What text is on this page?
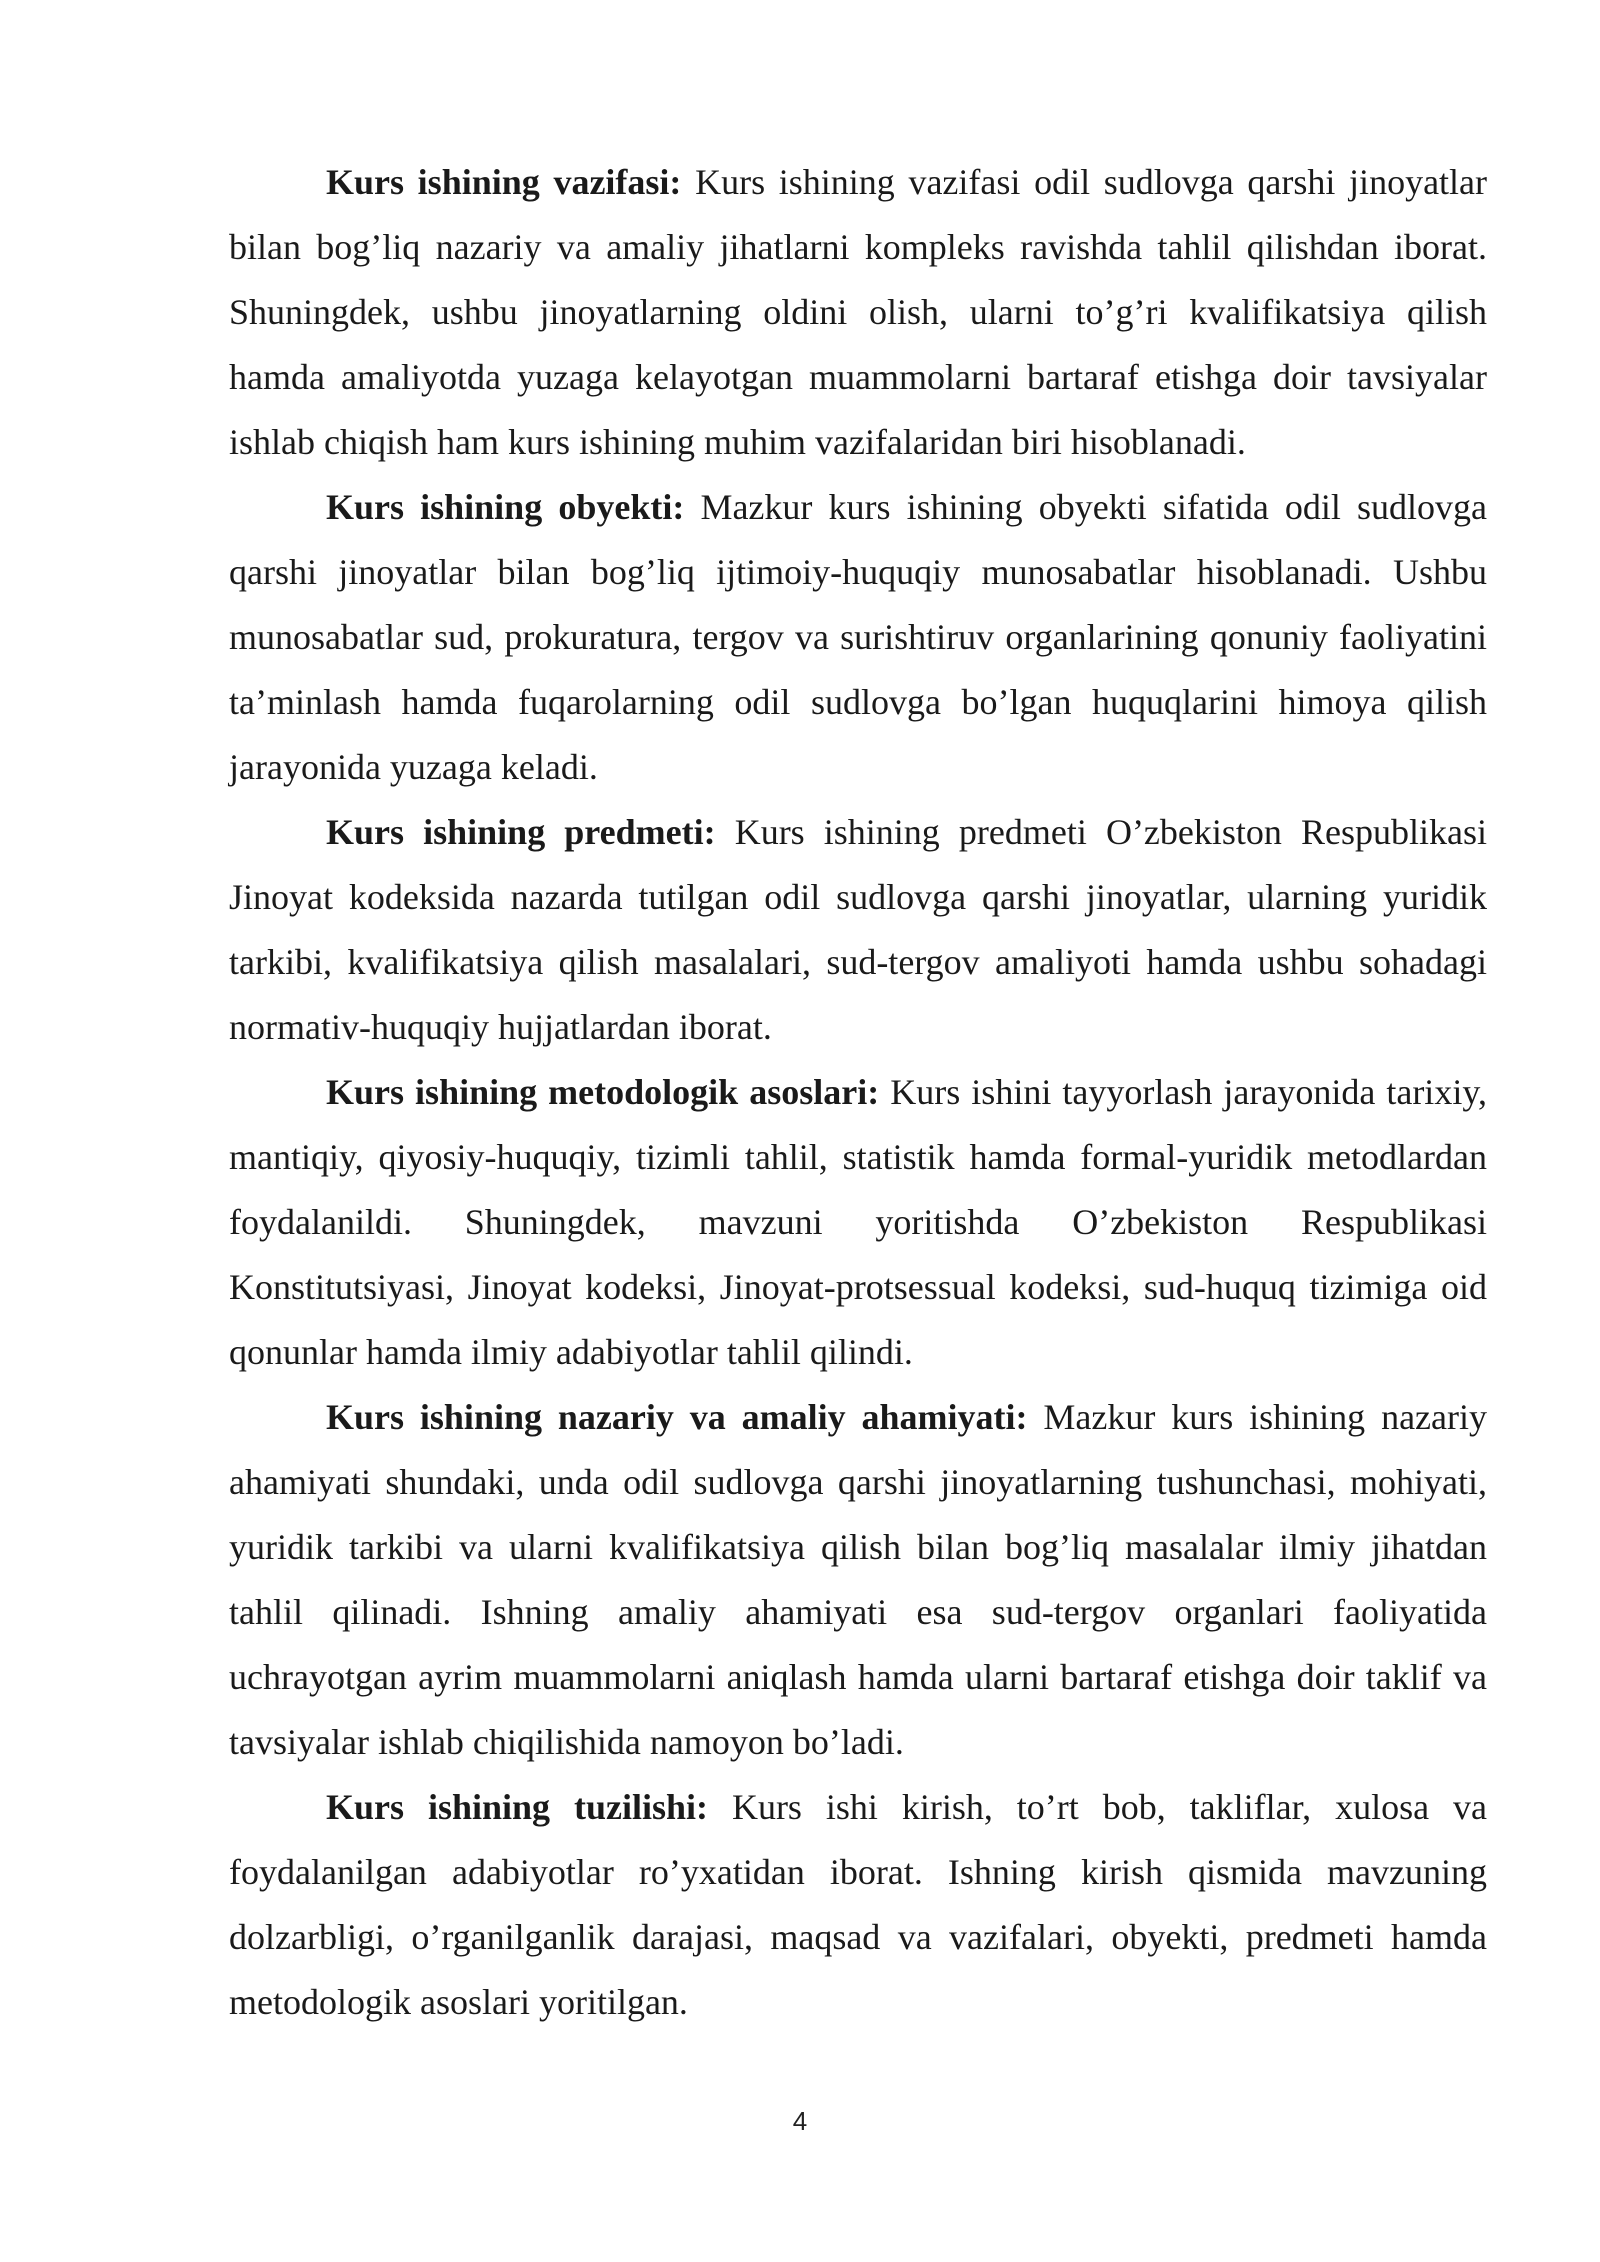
Kurs ishining vazifasi: Kurs ishining vazifasi odil sudlovga qarshi jinoyatlar bilan bog’liq nazariy va amaliy jihatlarni kompleks ravishda tahlil qilishdan iborat. Shuningdek, ushbu jinoyatlarning oldini olish, ularni to’g’ri kvalifikatsiya qilish hamda amaliyotda yuzaga kelayotgan muammolarni bartaraf etishga doir tavsiyalar ishlab chiqish ham kurs ishining muhim vazifalaridan biri hisoblanadi.

Kurs ishining obyekti: Mazkur kurs ishining obyekti sifatida odil sudlovga qarshi jinoyatlar bilan bog’liq ijtimoiy-huquqiy munosabatlar hisoblanadi. Ushbu munosabatlar sud, prokuratura, tergov va surishtiruv organlarining qonuniy faoliyatini ta’minlash hamda fuqarolarning odil sudlovga bo’lgan huquqlarini himoya qilish jarayonida yuzaga keladi.

Kurs ishining predmeti: Kurs ishining predmeti O’zbekiston Respublikasi Jinoyat kodeksida nazarda tutilgan odil sudlovga qarshi jinoyatlar, ularning yuridik tarkibi, kvalifikatsiya qilish masalalari, sud-tergov amaliyoti hamda ushbu sohadagi normativ-huquqiy hujjatlardan iborat.

Kurs ishining metodologik asoslari: Kurs ishini tayyorlash jarayonida tarixiy, mantiqiy, qiyosiy-huquqiy, tizimli tahlil, statistik hamda formal-yuridik metodlardan foydalanildi. Shuningdek, mavzuni yoritishda O’zbekiston Respublikasi Konstitutsiyasi, Jinoyat kodeksi, Jinoyat-protsessual kodeksi, sud-huquq tizimiga oid qonunlar hamda ilmiy adabiyotlar tahlil qilindi.

Kurs ishining nazariy va amaliy ahamiyati: Mazkur kurs ishining nazariy ahamiyati shundaki, unda odil sudlovga qarshi jinoyatlarning tushunchasi, mohiyati, yuridik tarkibi va ularni kvalifikatsiya qilish bilan bog’liq masalalar ilmiy jihatdan tahlil qilinadi. Ishning amaliy ahamiyati esa sud-tergov organlari faoliyatida uchrayotgan ayrim muammolarni aniqlash hamda ularni bartaraf etishga doir taklif va tavsiyalar ishlab chiqilishida namoyon bo’ladi.

Kurs ishining tuzilishi: Kurs ishi kirish, to’rt bob, takliflar, xulosa va foydalanilgan adabiyotlar ro’yxatidan iborat. Ishning kirish qismida mavzuning dolzarbligi, o’rganilganlik darajasi, maqsad va vazifalari, obyekti, predmeti hamda metodologik asoslari yoritilgan.

4
